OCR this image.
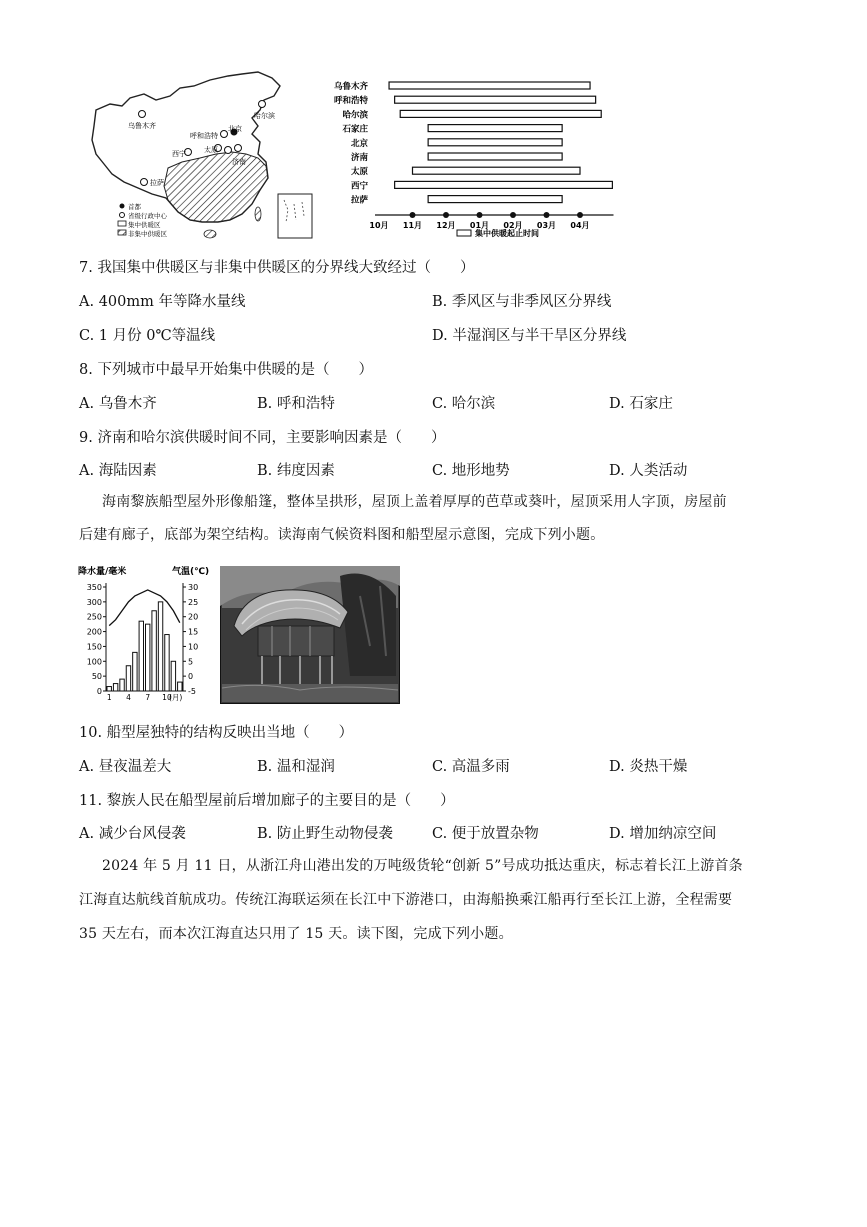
乌鲁木齐
哈尔滨
呼和浩特
北京
西宁	太原
济南
拉萨
首都
省级行政中心
集中供暖区
非集中供暖区
乌鲁木齐
呼和浩特
哈尔滨
石家庄
北京
济南
太原
西宁
拉萨
10月 11月 12月 01月 02月 03月 04月
集中供暖起止时间
7. 我国集中供暖区与非集中供暖区的分界线大致经过（　　）
A. 400mm 年等降水量线	B. 季风区与非季风区分界线
C. 1 月份 0℃等温线	D. 半湿润区与半干旱区分界线
8. 下列城市中最早开始集中供暖的是（　　）
A. 乌鲁木齐	B. 呼和浩特	C. 哈尔滨	D. 石家庄
9. 济南和哈尔滨供暖时间不同，主要影响因素是（　　）
A. 海陆因素	B. 纬度因素	C. 地形地势	D. 人类活动
海南黎族船型屋外形像船篷，整体呈拱形，屋顶上盖着厚厚的芭草或葵叶，屋顶采用人字顶，房屋前
后建有廊子，底部为架空结构。读海南气候资料图和船型屋示意图，完成下列小题。
降水量/毫米	气温(℃)
0
50
100
150
200
250
300
350
-5
0
5
10
15
20
25
30
1 4 7 10
(月)
10. 船型屋独特的结构反映出当地（　　）
A. 昼夜温差大	B. 温和湿润	C. 高温多雨	D. 炎热干燥
11. 黎族人民在船型屋前后增加廊子的主要目的是（　　）
A. 减少台风侵袭	B. 防止野生动物侵袭	C. 便于放置杂物	D. 增加纳凉空间
2024 年 5 月 11 日，从浙江舟山港出发的万吨级货轮“创新 5”号成功抵达重庆，标志着长江上游首条
江海直达航线首航成功。传统江海联运须在长江中下游港口，由海船换乘江船再行至长江上游，全程需要
35 天左右，而本次江海直达只用了 15 天。读下图，完成下列小题。
